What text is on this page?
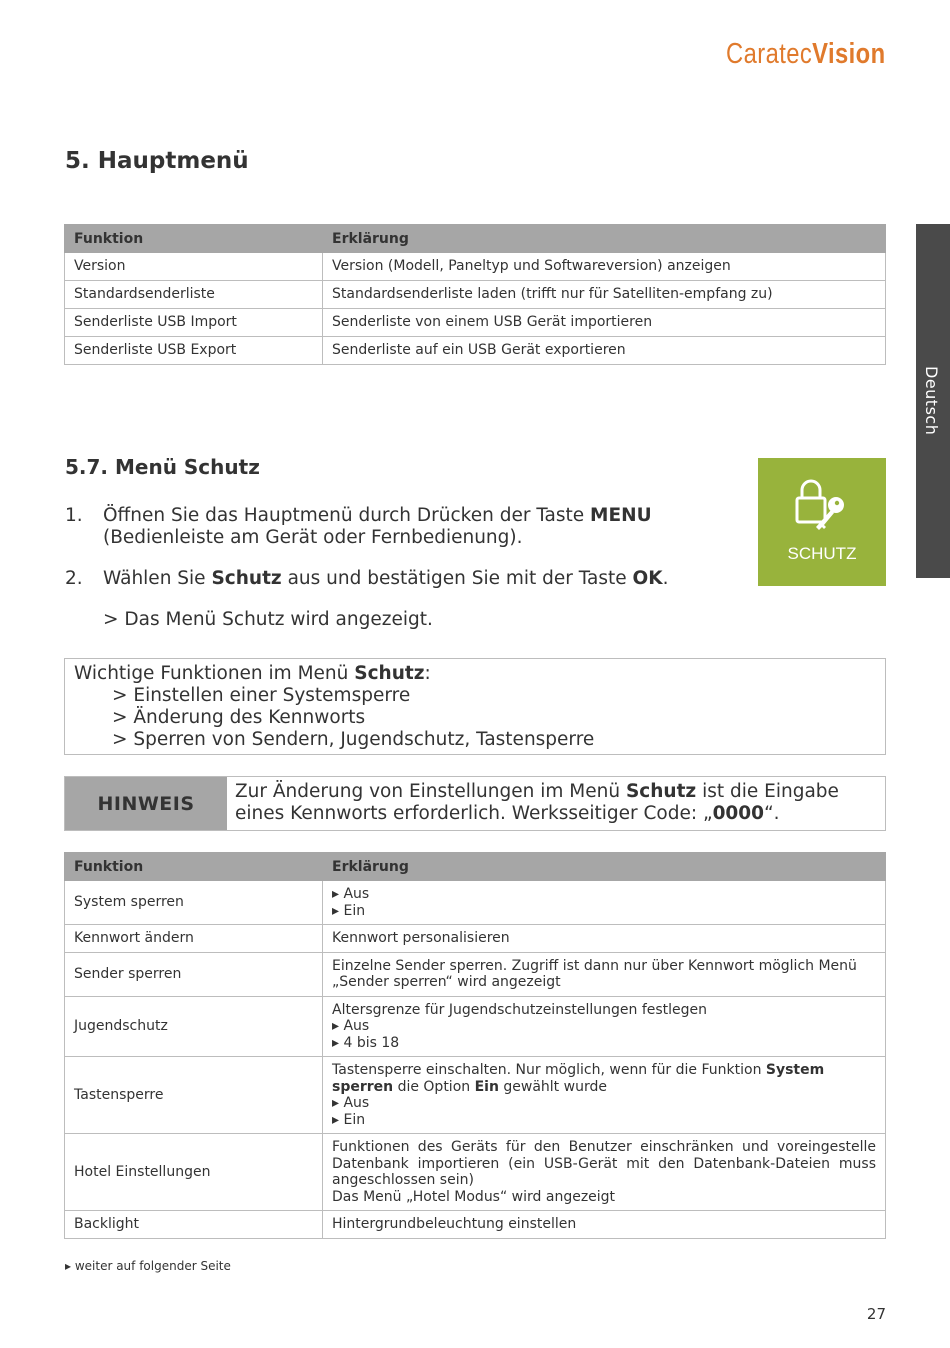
CaratecVision
Deutsch
5. Hauptmenü
Funktion	Erklärung
Version	Version (Modell, Paneltyp und Softwareversion) anzeigen
Standardsenderliste	Standardsenderliste laden (trifft nur für Satelliten-empfang zu)
Senderliste USB Import	Senderliste von einem USB Gerät importieren
Senderliste USB Export	Senderliste auf ein USB Gerät exportieren
5.7. Menü Schutz
SCHUTZ
1. Öffnen Sie das Hauptmenü durch Drücken der Taste MENU
(Bedienleiste am Gerät oder Fernbedienung).
2. Wählen Sie Schutz aus und bestätigen Sie mit der Taste OK.
> Das Menü Schutz wird angezeigt.
Wichtige Funktionen im Menü Schutz:
> Einstellen einer Systemsperre
> Änderung des Kennworts
> Sperren von Sendern, Jugendschutz, Tastensperre
HINWEIS
Zur Änderung von Einstellungen im Menü Schutz ist die Eingabe eines Kennworts erforderlich. Werksseitiger Code: „0000“.
Funktion	Erklärung
System sperren	▸ Aus
▸ Ein

Kennwort ändern	Kennwort personalisieren
Sender sperren	Einzelne Sender sperren. Zugriff ist dann nur über Kennwort möglich Menü „Sender sperren“ wird angezeigt
Jugendschutz	Altersgrenze für Jugendschutzeinstellungen festlegen
▸ Aus
▸ 4 bis 18

Tastensperre	Tastensperre einschalten. Nur möglich, wenn für die Funktion System sperren die Option Ein gewählt wurde
▸ Aus
▸ Ein

Hotel Einstellungen	Funktionen des Geräts für den Benutzer einschränken und voreingestelle Datenbank importieren (ein USB-Gerät mit den Datenbank-Dateien muss angeschlossen sein)
Das Menü „Hotel Modus“ wird angezeigt

Backlight	Hintergrundbeleuchtung einstellen
▸ weiter auf folgender Seite
27
